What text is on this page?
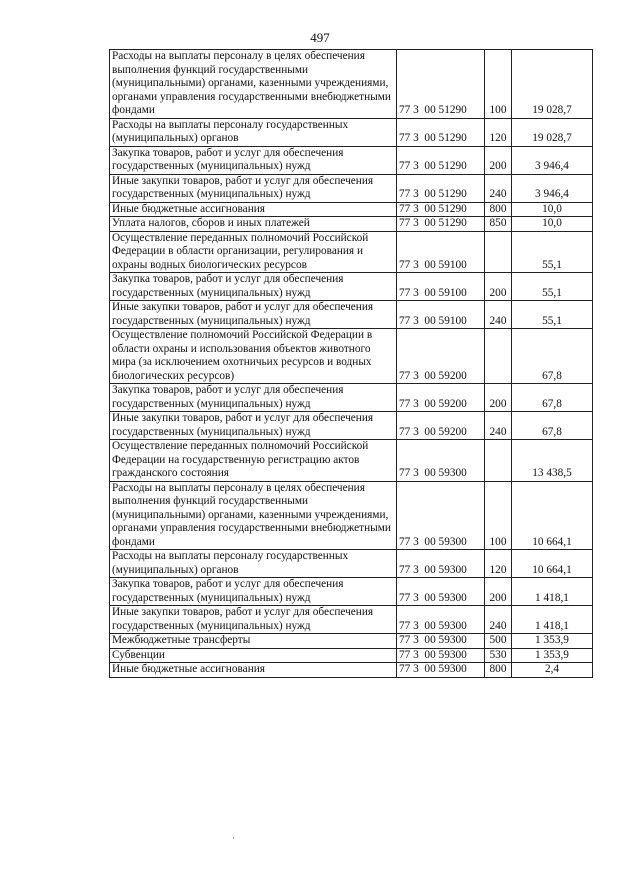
497
Расходы на выплаты персоналу в целях обеспечения выполнения функций государственными (муниципальными) органами, казенными учреждениями, органами управления государственными внебюджетными фондами	77 3  00 51290	100	19 028,7
Расходы на выплаты персоналу государственных (муниципальных) органов	77 3  00 51290	120	19 028,7
Закупка товаров, работ и услуг для обеспечения государственных (муниципальных) нужд	77 3  00 51290	200	3 946,4
Иные закупки товаров, работ и услуг для обеспечения государственных (муниципальных) нужд	77 3  00 51290	240	3 946,4
Иные бюджетные ассигнования	77 3  00 51290	800	10,0
Уплата налогов, сборов и иных платежей	77 3  00 51290	850	10,0
Осуществление переданных полномочий Российской Федерации в области организации, регулирования и охраны водных биологических ресурсов	77 3  00 59100		55,1
Закупка товаров, работ и услуг для обеспечения государственных (муниципальных) нужд	77 3  00 59100	200	55,1
Иные закупки товаров, работ и услуг для обеспечения государственных (муниципальных) нужд	77 3  00 59100	240	55,1
Осуществление полномочий Российской Федерации в области охраны и использования объектов животного мира (за исключением охотничьих ресурсов и водных биологических ресурсов)	77 3  00 59200		67,8
Закупка товаров, работ и услуг для обеспечения государственных (муниципальных) нужд	77 3  00 59200	200	67,8
Иные закупки товаров, работ и услуг для обеспечения государственных (муниципальных) нужд	77 3  00 59200	240	67,8
Осуществление переданных полномочий Российской Федерации на государственную регистрацию актов гражданского состояния	77 3  00 59300		13 438,5
Расходы на выплаты персоналу в целях обеспечения выполнения функций государственными (муниципальными) органами, казенными учреждениями, органами управления государственными внебюджетными фондами	77 3  00 59300	100	10 664,1
Расходы на выплаты персоналу государственных (муниципальных) органов	77 3  00 59300	120	10 664,1
Закупка товаров, работ и услуг для обеспечения государственных (муниципальных) нужд	77 3  00 59300	200	1 418,1
Иные закупки товаров, работ и услуг для обеспечения государственных (муниципальных) нужд	77 3  00 59300	240	1 418,1
Межбюджетные трансферты	77 3  00 59300	500	1 353,9
Субвенции	77 3  00 59300	530	1 353,9
Иные бюджетные ассигнования	77 3  00 59300	800	2,4
·
